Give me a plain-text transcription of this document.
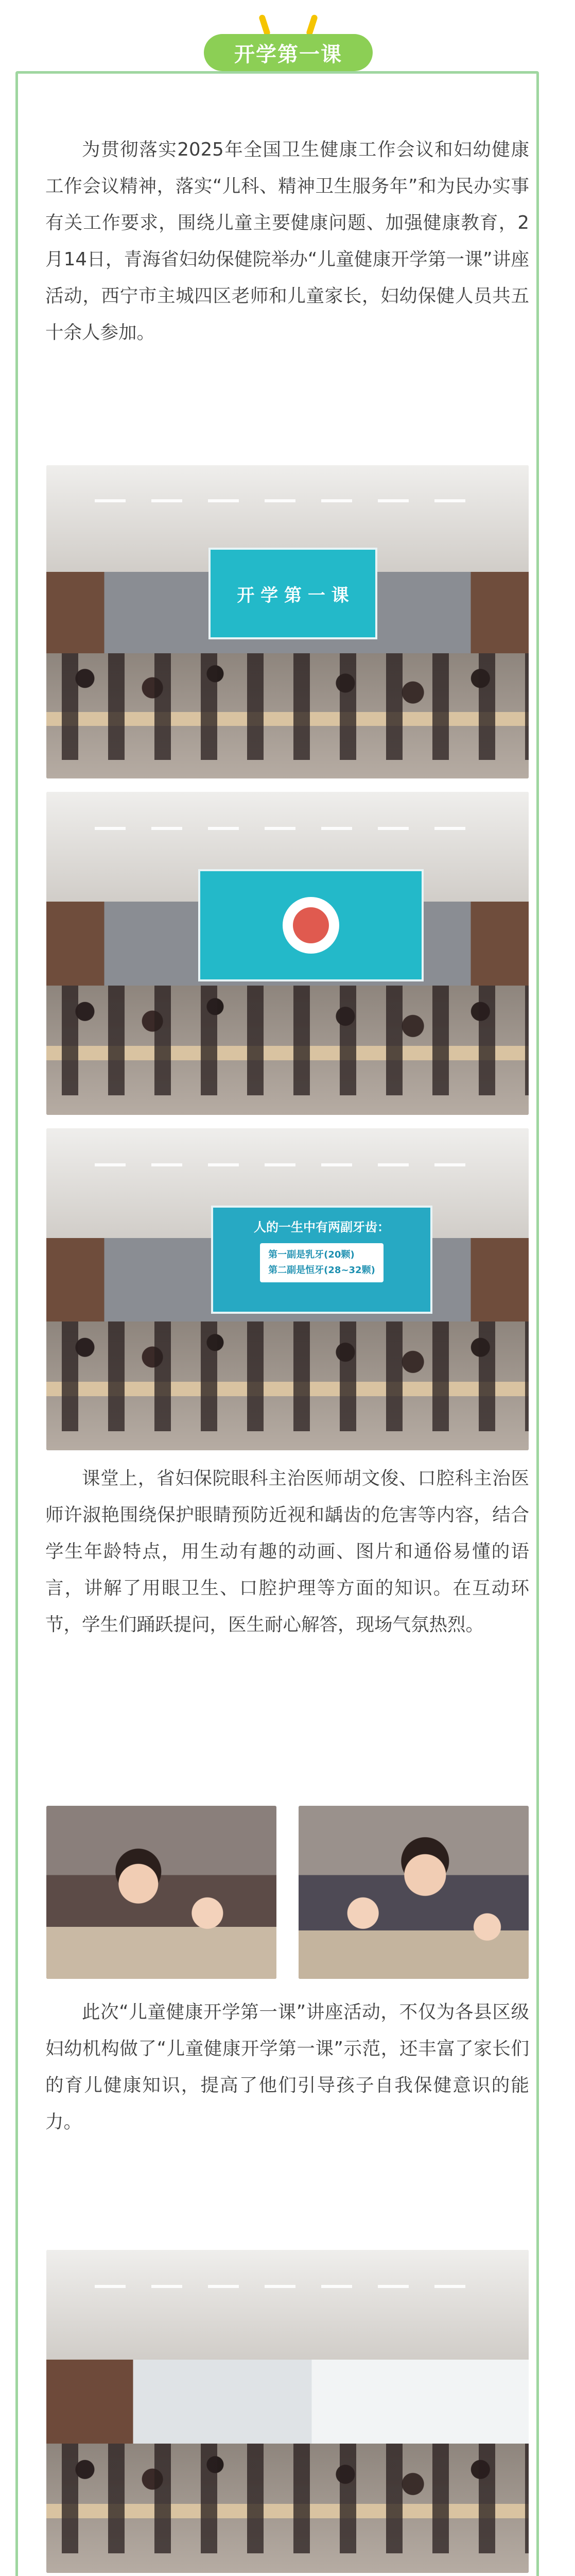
开学第一课

为贯彻落实2025年全国卫生健康工作会议和妇幼健康工作会议精神，落实“儿科、精神卫生服务年”和为民办实事有关工作要求，围绕儿童主要健康问题、加强健康教育，2月14日，青海省妇幼保健院举办“儿童健康开学第一课”讲座活动，西宁市主城四区老师和儿童家长，妇幼保健人员共五十余人参加。

开 学 第 一 课
人的一生中有两副牙齿：
第一副是乳牙(20颗)
第二副是恒牙(28~32颗)

课堂上，省妇保院眼科主治医师胡文俊、口腔科主治医师许淑艳围绕保护眼睛预防近视和龋齿的危害等内容，结合学生年龄特点，用生动有趣的动画、图片和通俗易懂的语言，讲解了用眼卫生、口腔护理等方面的知识。在互动环节，学生们踊跃提问，医生耐心解答，现场气氛热烈。

此次“儿童健康开学第一课”讲座活动，不仅为各县区级妇幼机构做了“儿童健康开学第一课”示范，还丰富了家长们的育儿健康知识，提高了他们引导孩子自我保健意识的能力。
